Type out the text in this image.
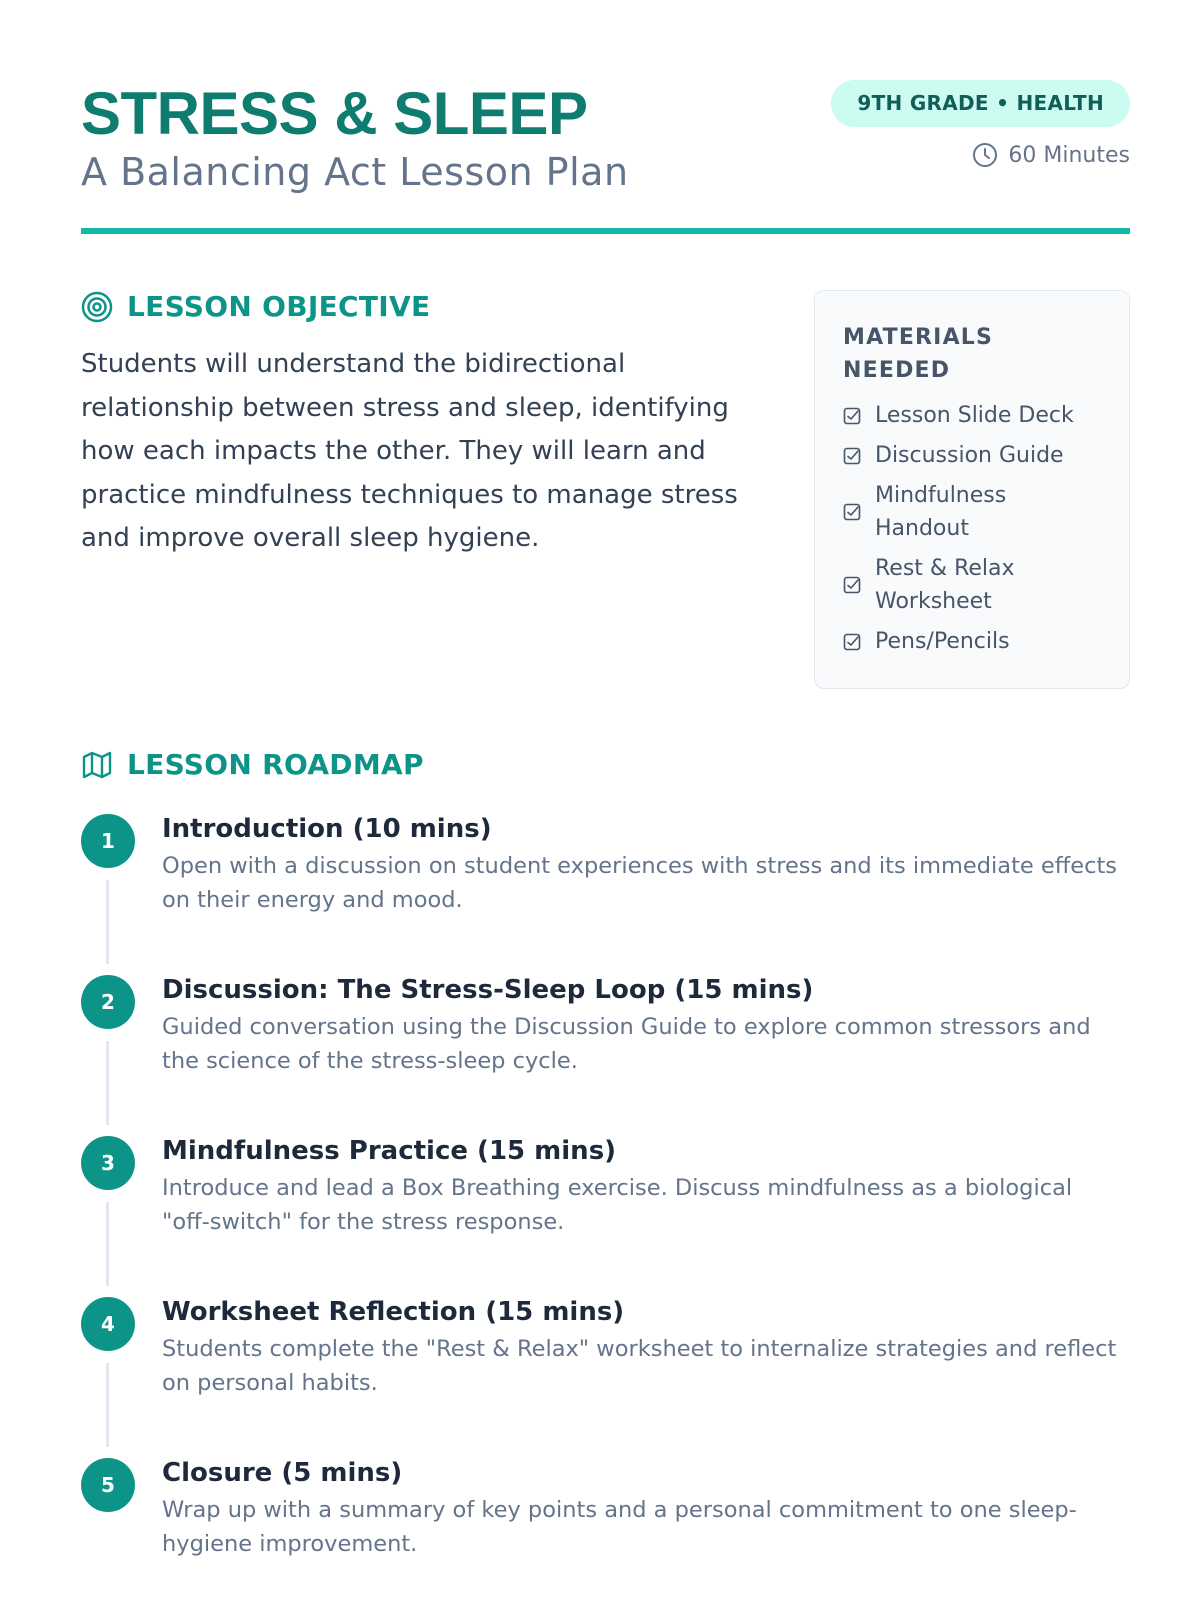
STRESS & SLEEP
A Balancing Act Lesson Plan
9TH GRADE • HEALTH
60 Minutes
LESSON OBJECTIVE

Students will understand the bidirectional relationship between stress and sleep, identifying how each impacts the other. They will learn and practice mindfulness techniques to manage stress and improve overall sleep hygiene.

MATERIALS NEEDED
Lesson Slide Deck
Discussion Guide
Mindfulness Handout
Rest & Relax Worksheet
Pens/Pencils
LESSON ROADMAP
1	Introduction (10 mins)
Open with a discussion on student experiences with stress and its immediate effects on their energy and mood.
2	Discussion: The Stress-Sleep Loop (15 mins)
Guided conversation using the Discussion Guide to explore common stressors and the science of the stress-sleep cycle.
3	Mindfulness Practice (15 mins)
Introduce and lead a Box Breathing exercise. Discuss mindfulness as a biological "off-switch" for the stress response.
4	Worksheet Reflection (15 mins)
Students complete the "Rest & Relax" worksheet to internalize strategies and reflect on personal habits.
5	Closure (5 mins)
Wrap up with a summary of key points and a personal commitment to one sleep-hygiene improvement.
